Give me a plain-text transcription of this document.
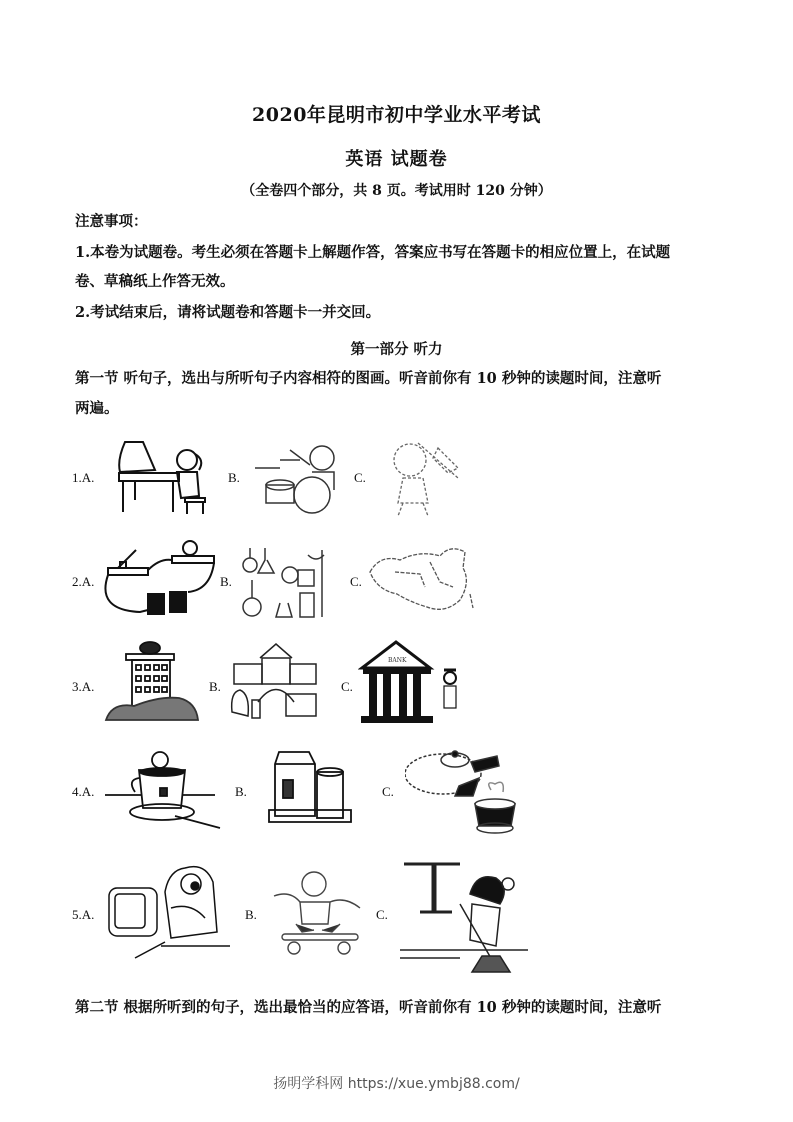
2020年昆明市初中学业水平考试
英语 试题卷
（全卷四个部分，共 8 页。考试用时 120 分钟）
注意事项：
1.本卷为试题卷。考生必须在答题卡上解题作答，答案应书写在答题卡的相应位置上，在试题
卷、草稿纸上作答无效。
2.考试结束后，请将试题卷和答题卡一并交回。
第一部分 听力
第一节 听句子，选出与所听句子内容相符的图画。听音前你有 10 秒钟的读题时间，注意听
两遍。
1.A.	B.	C.
2.A.	B.	C.
3.A.	B.	C.
BANK
4.A.	B.	C.
5.A.	B.	C.
第二节 根据所听到的句子，选出最恰当的应答语，听音前你有 10 秒钟的读题时间，注意听
扬明学科网 https://xue.ymbj88.com/
